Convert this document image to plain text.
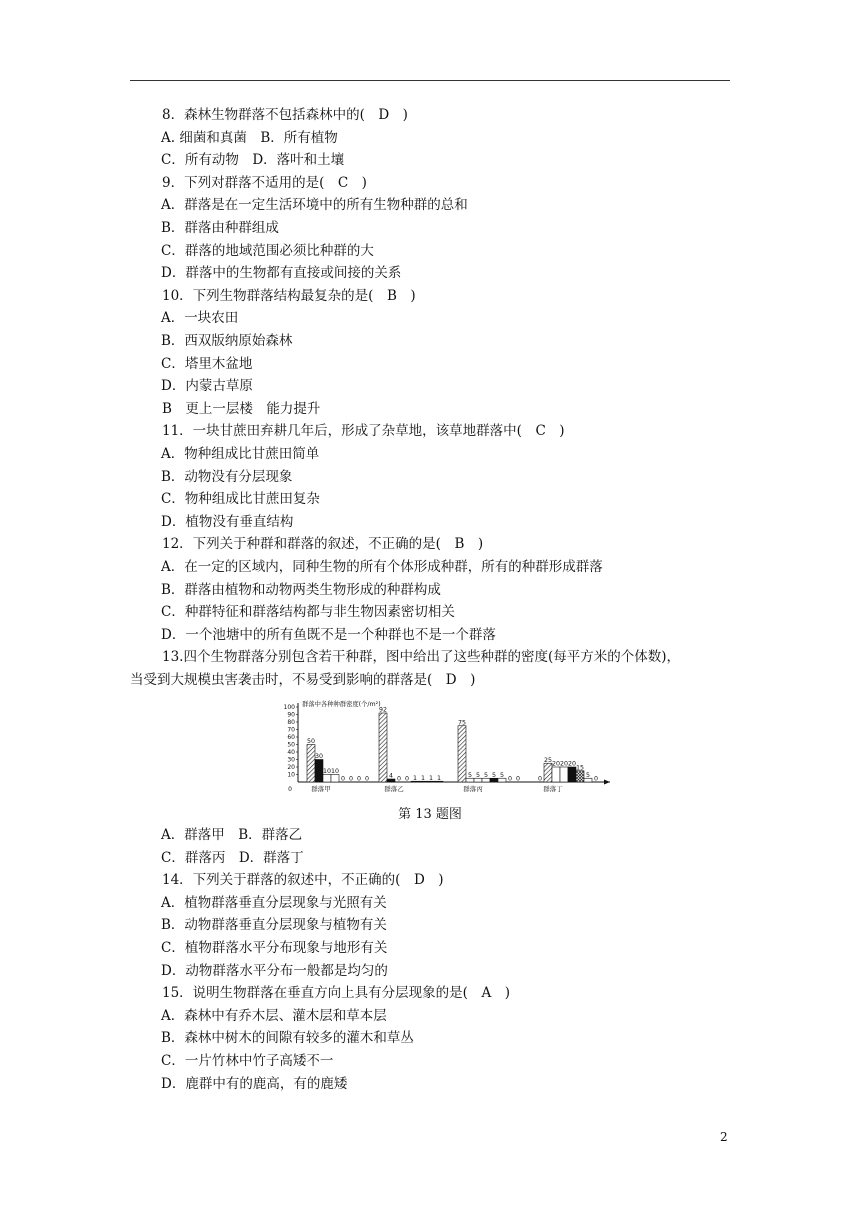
8．森林生物群落不包括森林中的(　D　)
A. 细菌和真菌　B．所有植物
C．所有动物　D．落叶和土壤
9．下列对群落不适用的是(　C　)
A．群落是在一定生活环境中的所有生物种群的总和
B．群落由种群组成
C．群落的地域范围必须比种群的大
D．群落中的生物都有直接或间接的关系
10．下列生物群落结构最复杂的是(　B　)
A．一块农田
B．西双版纳原始森林
C．塔里木盆地
D．内蒙古草原
B　更上一层楼　能力提升
11．一块甘蔗田弃耕几年后，形成了杂草地，该草地群落中(　C　)
A．物种组成比甘蔗田简单
B．动物没有分层现象
C．物种组成比甘蔗田复杂
D．植物没有垂直结构
12．下列关于种群和群落的叙述，不正确的是(　B　)
A．在一定的区域内，同种生物的所有个体形成种群，所有的种群形成群落
B．群落由植物和动物两类生物形成的种群构成
C．种群特征和群落结构都与非生物因素密切相关
D．一个池塘中的所有鱼既不是一个种群也不是一个群落
13.四个生物群落分别包含若干种群，图中给出了这些种群的密度(每平方米的个体数)，
当受到大规模虫害袭击时，不易受到影响的群落是(　D　)
群落中各种种群密度(个/m²)
0
10
20
30
40
50
60
70
80
90
100
50
30
10 10
0 0 0 0
群落甲
92
4 0 0 1 1 1 1
群落乙
75
5 5 5 5 5
0 0
群落丙
0
25
20 20 20
15
5
0
群落丁
第 13 题图
A．群落甲　B．群落乙
C．群落丙　D．群落丁
14．下列关于群落的叙述中，不正确的(　D　)
A．植物群落垂直分层现象与光照有关
B．动物群落垂直分层现象与植物有关
C．植物群落水平分布现象与地形有关
D．动物群落水平分布一般都是均匀的
15．说明生物群落在垂直方向上具有分层现象的是(　A　)
A．森林中有乔木层、灌木层和草本层
B．森林中树木的间隙有较多的灌木和草丛
C．一片竹林中竹子高矮不一
D．鹿群中有的鹿高，有的鹿矮
2
